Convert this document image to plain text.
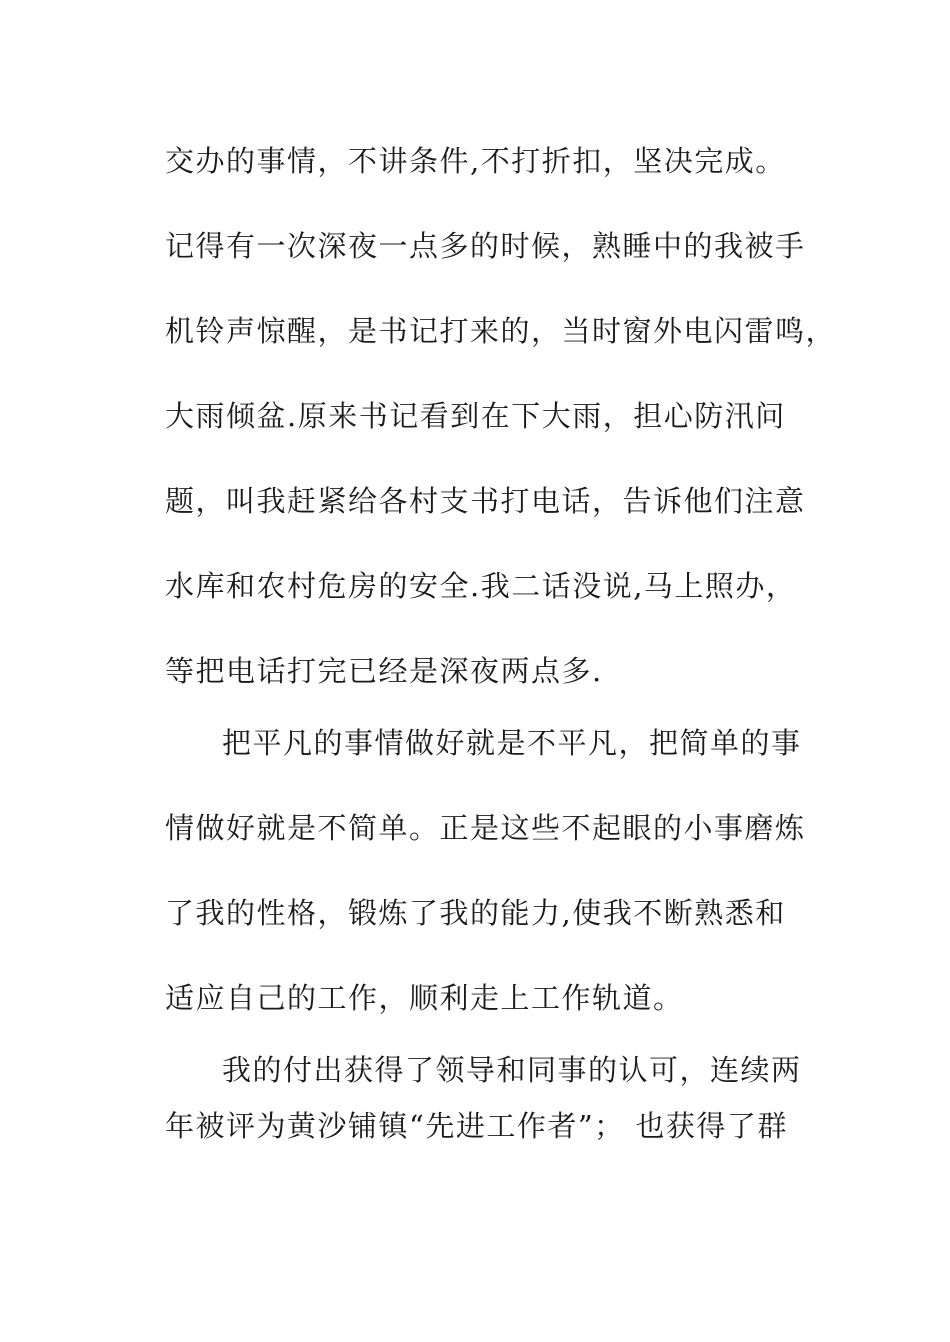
交办的事情，不讲条件,不打折扣，坚决完成。
记得有一次深夜一点多的时候，熟睡中的我被手
机铃声惊醒，是书记打来的，当时窗外电闪雷鸣，
大雨倾盆.原来书记看到在下大雨，担心防汛问
题，叫我赶紧给各村支书打电话，告诉他们注意
水库和农村危房的安全.我二话没说,马上照办，
等把电话打完已经是深夜两点多.
把平凡的事情做好就是不平凡，把简单的事
情做好就是不简单。正是这些不起眼的小事磨炼
了我的性格，锻炼了我的能力,使我不断熟悉和
适应自己的工作，顺利走上工作轨道。
我的付出获得了领导和同事的认可，连续两
年被评为黄沙铺镇“先进工作者”； 也获得了群
